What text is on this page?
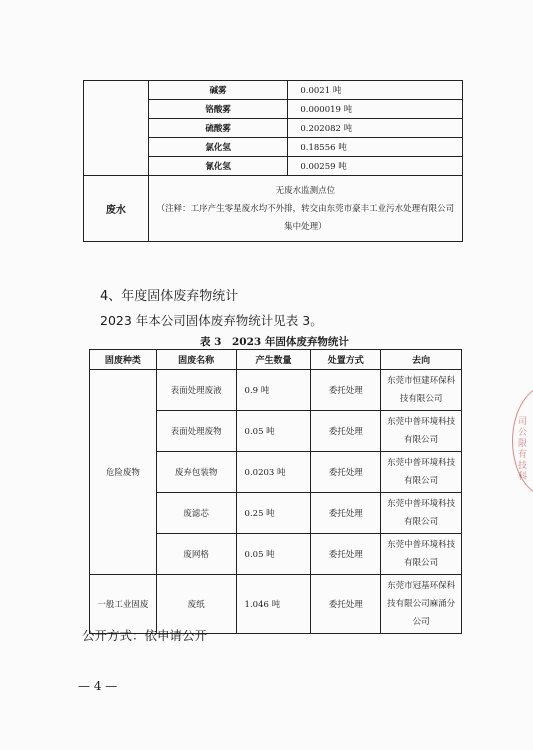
	碱雾	0.0021 吨
	铬酸雾	0.000019 吨
	硫酸雾	0.202082 吨
	氯化氢	0.18556 吨
	氰化氢	0.00259 吨
废水	无废水监测点位
（注释：工序产生零星废水均不外排，转交由东莞市豪丰工业污水处理有限公司集中处理）	
4、年度固体废弃物统计
2023 年本公司固体废弃物统计见表 3。
表 3　2023 年固体废弃物统计
固废种类	固废名称	产生数量	处置方式	去向
危险废物	表面处理废液	0.9 吨	委托处理	东莞市恒建环保科技有限公司
	表面处理废物	0.05 吨	委托处理	东莞中普环境科技有限公司
	废弃包装物	0.0203 吨	委托处理	东莞中普环境科技有限公司
	废滤芯	0.25 吨	委托处理	东莞中普环境科技有限公司
	废网格	0.05 吨	委托处理	东莞中普环境科技有限公司
一般工业固废	废纸	1.046 吨	委托处理	东莞市冠基环保科技有限公司麻涌分公司
公开方式：依申请公开
— 4 —
司公限有技科
